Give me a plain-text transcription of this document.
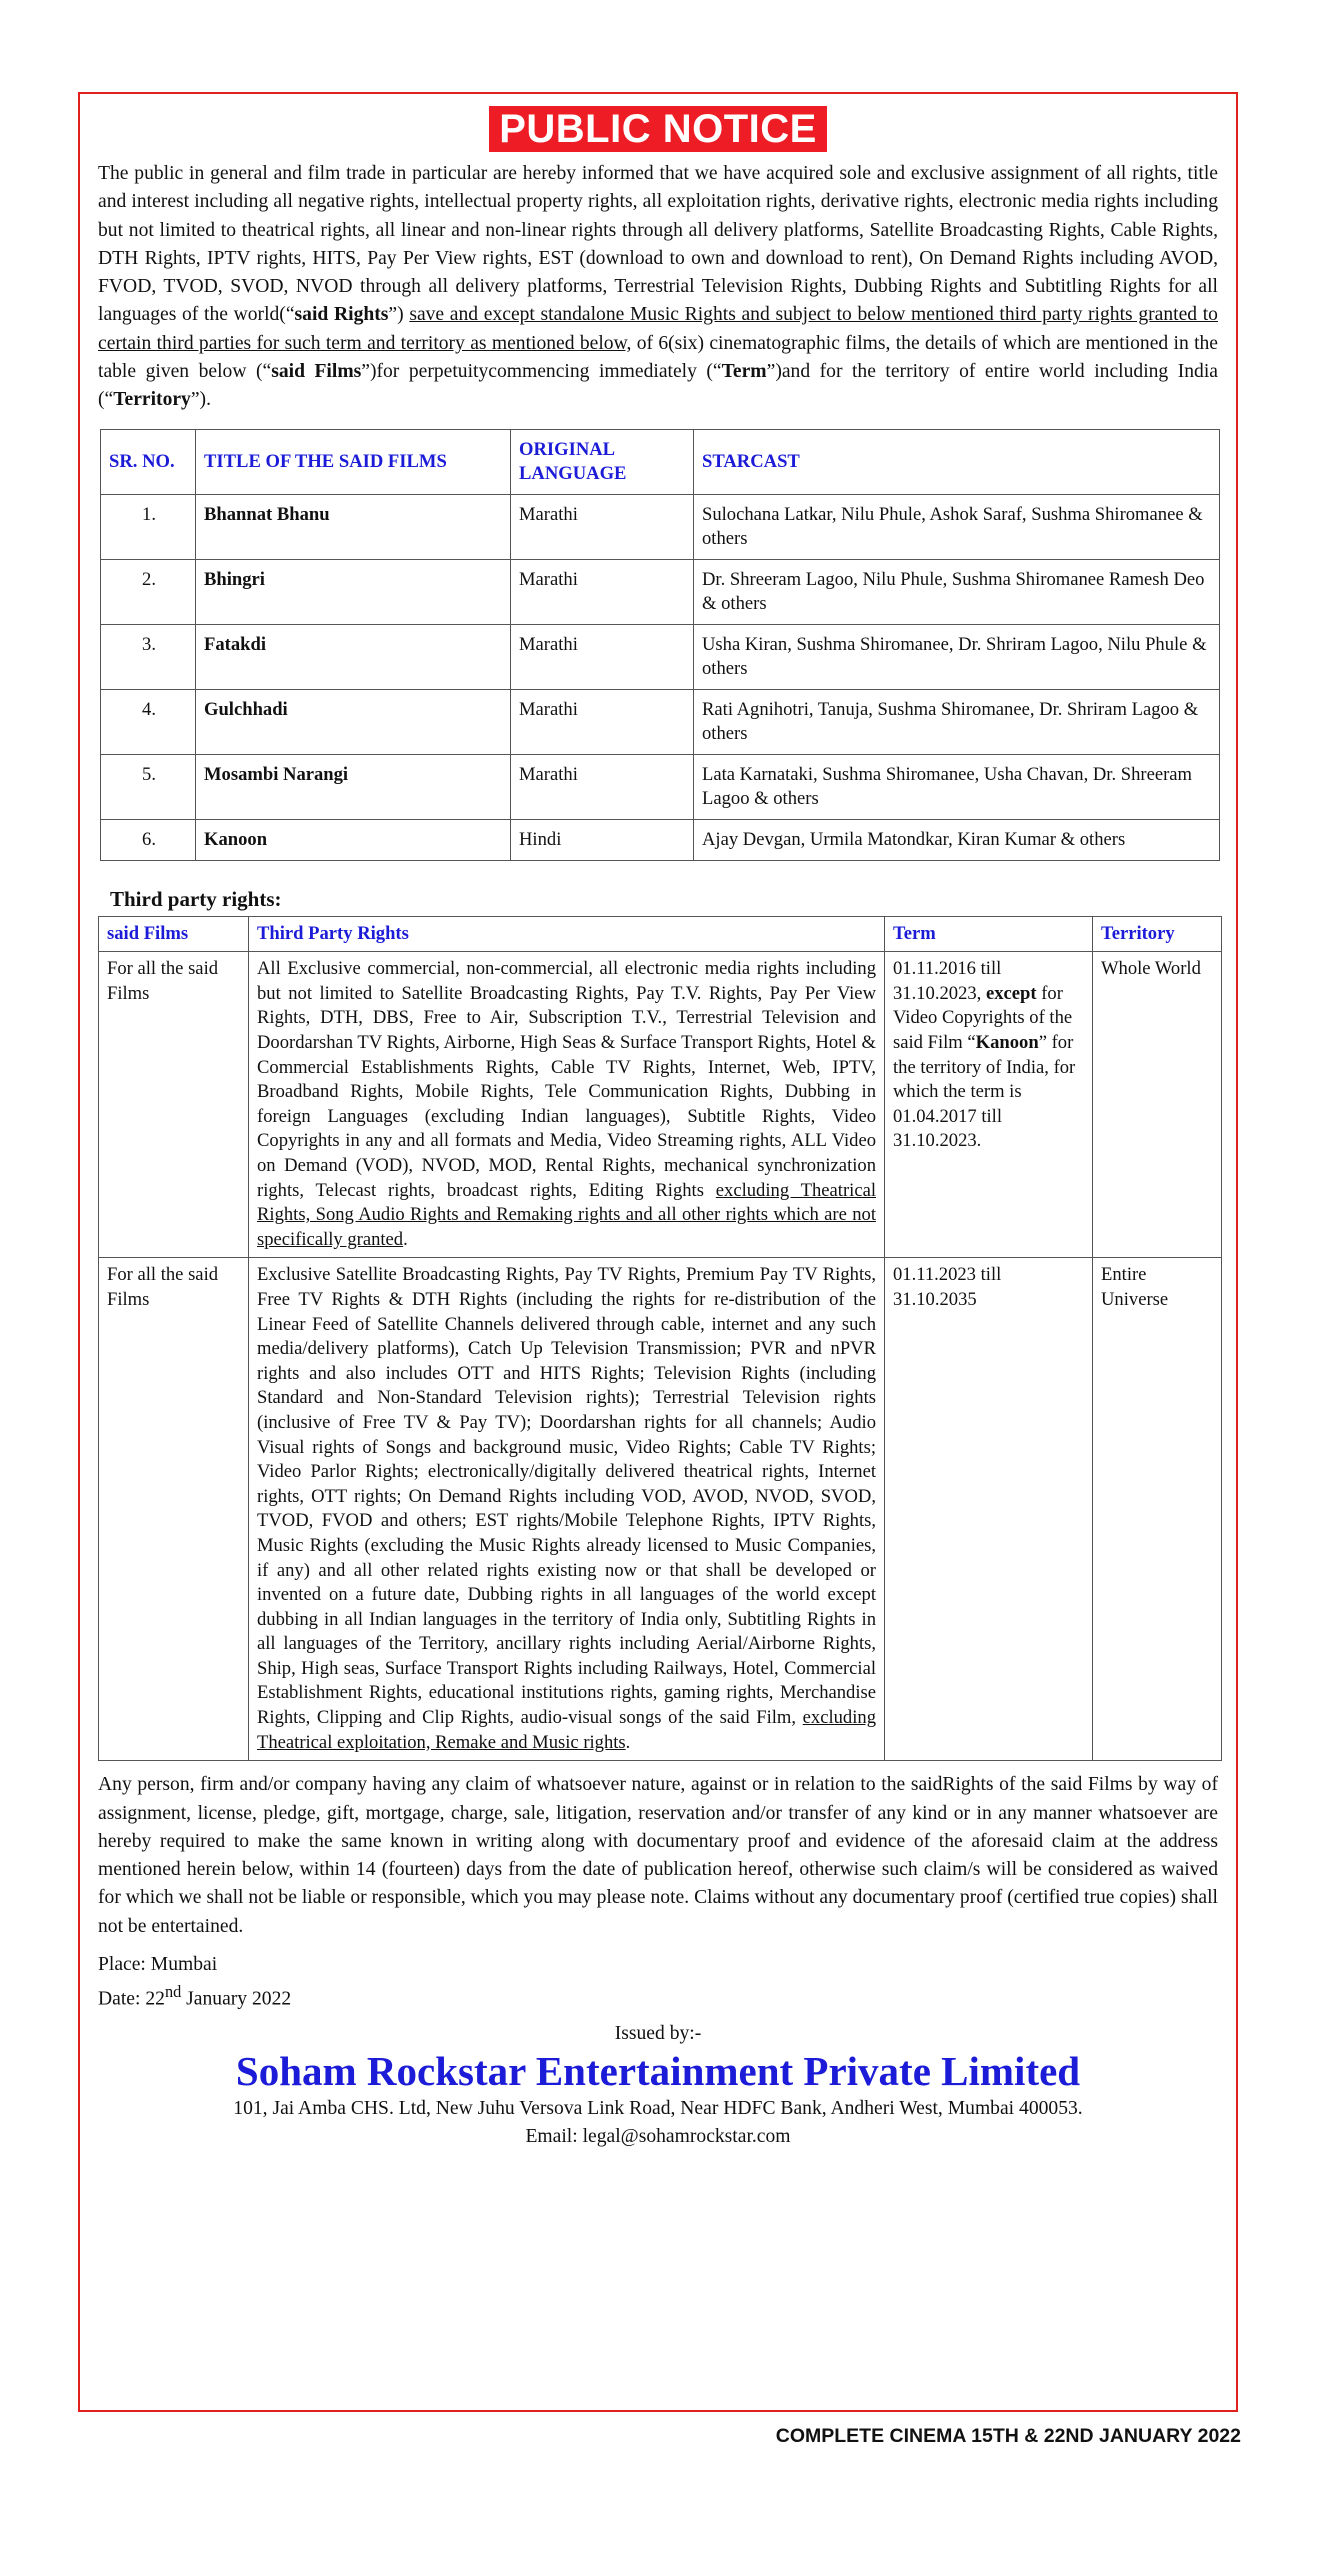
PUBLIC NOTICE

The public in general and film trade in particular are hereby informed that we have acquired sole and exclusive assignment of all rights, title and interest including all negative rights, intellectual property rights, all exploitation rights, derivative rights, electronic media rights including but not limited to theatrical rights, all linear and non-linear rights through all delivery platforms, Satellite Broadcasting Rights, Cable Rights, DTH Rights, IPTV rights, HITS, Pay Per View rights, EST (download to own and download to rent), On Demand Rights including AVOD, FVOD, TVOD, SVOD, NVOD through all delivery platforms, Terrestrial Television Rights, Dubbing Rights and Subtitling Rights for all languages of the world(“said Rights”) save and except standalone Music Rights and subject to below mentioned third party rights granted to certain third parties for such term and territory as mentioned below, of 6(six) cinematographic films, the details of which are mentioned in the table given below (“said Films”)for perpetuitycommencing immediately (“Term”)and for the territory of entire world including India (“Territory”).

SR. NO.	TITLE OF THE SAID FILMS	ORIGINAL LANGUAGE	STARCAST
1.	Bhannat Bhanu	Marathi	Sulochana Latkar, Nilu Phule, Ashok Saraf, Sushma Shiromanee & others
2.	Bhingri	Marathi	Dr. Shreeram Lagoo, Nilu Phule, Sushma Shiromanee Ramesh Deo & others
3.	Fatakdi	Marathi	Usha Kiran, Sushma Shiromanee, Dr. Shriram Lagoo, Nilu Phule & others
4.	Gulchhadi	Marathi	Rati Agnihotri, Tanuja, Sushma Shiromanee, Dr. Shriram Lagoo & others
5.	Mosambi Narangi	Marathi	Lata Karnataki, Sushma Shiromanee, Usha Chavan, Dr. Shreeram Lagoo & others
6.	Kanoon	Hindi	Ajay Devgan, Urmila Matondkar, Kiran Kumar & others
Third party rights:
said Films	Third Party Rights	Term	Territory
For all the said Films	All Exclusive commercial, non-commercial, all electronic media rights including but not limited to Satellite Broadcasting Rights, Pay T.V. Rights, Pay Per View Rights, DTH, DBS, Free to Air, Subscription T.V., Terrestrial Television and Doordarshan TV Rights, Airborne, High Seas & Surface Transport Rights, Hotel & Commercial Establishments Rights, Cable TV Rights, Internet, Web, IPTV, Broadband Rights, Mobile Rights, Tele Communication Rights, Dubbing in foreign Languages (excluding Indian languages), Subtitle Rights, Video Copyrights in any and all formats and Media, Video Streaming rights, ALL Video on Demand (VOD), NVOD, MOD, Rental Rights, mechanical synchronization rights, Telecast rights, broadcast rights, Editing Rights excluding Theatrical Rights, Song Audio Rights and Remaking rights and all other rights which are not specifically granted.	01.11.2016 till 31.10.2023, except for Video Copyrights of the said Film “Kanoon” for the territory of India, for which the term is 01.04.2017 till 31.10.2023.	Whole World
For all the said Films	Exclusive Satellite Broadcasting Rights, Pay TV Rights, Premium Pay TV Rights, Free TV Rights & DTH Rights (including the rights for re-distribution of the Linear Feed of Satellite Channels delivered through cable, internet and any such media/delivery platforms), Catch Up Television Transmission; PVR and nPVR rights and also includes OTT and HITS Rights; Television Rights (including Standard and Non-Standard Television rights); Terrestrial Television rights (inclusive of Free TV & Pay TV); Doordarshan rights for all channels; Audio Visual rights of Songs and background music, Video Rights; Cable TV Rights; Video Parlor Rights; electronically/digitally delivered theatrical rights, Internet rights, OTT rights; On Demand Rights including VOD, AVOD, NVOD, SVOD, TVOD, FVOD and others; EST rights/Mobile Telephone Rights, IPTV Rights, Music Rights (excluding the Music Rights already licensed to Music Companies, if any) and all other related rights existing now or that shall be developed or invented on a future date, Dubbing rights in all languages of the world except dubbing in all Indian languages in the territory of India only, Subtitling Rights in all languages of the Territory, ancillary rights including Aerial/Airborne Rights, Ship, High seas, Surface Transport Rights including Railways, Hotel, Commercial Establishment Rights, educational institutions rights, gaming rights, Merchandise Rights, Clipping and Clip Rights, audio-visual songs of the said Film, excluding Theatrical exploitation, Remake and Music rights.	01.11.2023 till 31.10.2035	Entire Universe

Any person, firm and/or company having any claim of whatsoever nature, against or in relation to the saidRights of the said Films by way of assignment, license, pledge, gift, mortgage, charge, sale, litigation, reservation and/or transfer of any kind or in any manner whatsoever are hereby required to make the same known in writing along with documentary proof and evidence of the aforesaid claim at the address mentioned herein below, within 14 (fourteen) days from the date of publication hereof, otherwise such claim/s will be considered as waived for which we shall not be liable or responsible, which you may please note. Claims without any documentary proof (certified true copies) shall not be entertained.

Place: Mumbai
Date: 22nd January 2022
Issued by:-
Soham Rockstar Entertainment Private Limited
101, Jai Amba CHS. Ltd, New Juhu Versova Link Road, Near HDFC Bank, Andheri West, Mumbai 400053.
Email: legal@sohamrockstar.com
COMPLETE CINEMA 15TH & 22ND JANUARY 2022
